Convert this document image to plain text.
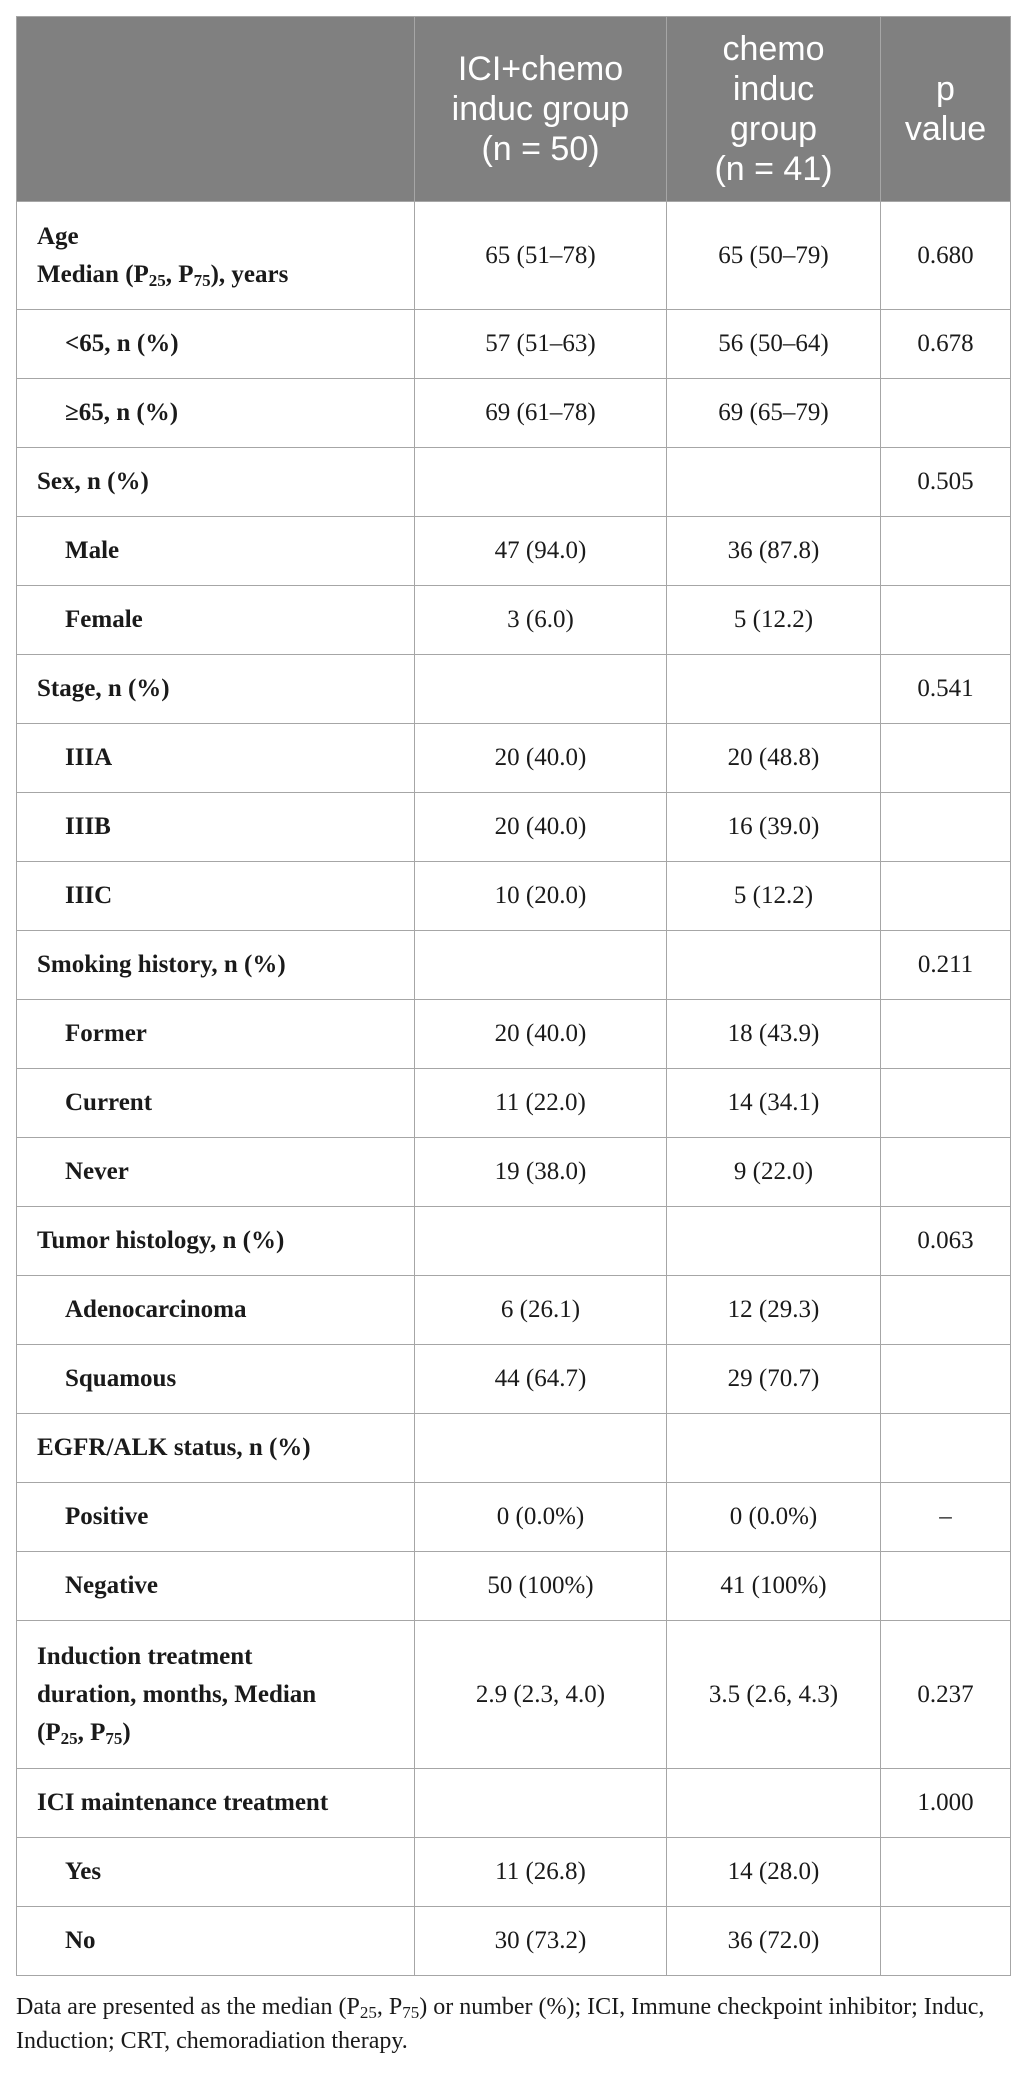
	ICI+chemo
induc group
(n = 50)	chemo
induc
group
(n = 41)	p
value

Age
Median ($P_{25}$, $P_{75}$), years	65 (51–78)	65 (50–79)	0.680
<65, n (%)	57 (51–63)	56 (50–64)	0.678
≥65, n (%)	69 (61–78)	69 (65–79)	
Sex, n (%)			0.505
Male	47 (94.0)	36 (87.8)	
Female	3 (6.0)	5 (12.2)	
Stage, n (%)			0.541
IIIA	20 (40.0)	20 (48.8)	
IIIB	20 (40.0)	16 (39.0)	
IIIC	10 (20.0)	5 (12.2)	
Smoking history, n (%)			0.211
Former	20 (40.0)	18 (43.9)	
Current	11 (22.0)	14 (34.1)	
Never	19 (38.0)	9 (22.0)	
Tumor histology, n (%)			0.063
Adenocarcinoma	6 (26.1)	12 (29.3)	
Squamous	44 (64.7)	29 (70.7)	
EGFR/ALK status, n (%)			
Positive	0 (0.0%)	0 (0.0%)	–
Negative	50 (100%)	41 (100%)	

Induction treatment
duration, months, Median
($P_{25}$, $P_{75}$)	2.9 (2.3, 4.0)	3.5 (2.6, 4.3)	0.237
ICI maintenance treatment			1.000
Yes	11 (26.8)	14 (28.0)	
No	30 (73.2)	36 (72.0)	
Data are presented as the median ($P_{25}$, $P_{75}$) or number (%); ICI, Immune checkpoint inhibitor; Induc, Induction; CRT, chemoradiation therapy.
